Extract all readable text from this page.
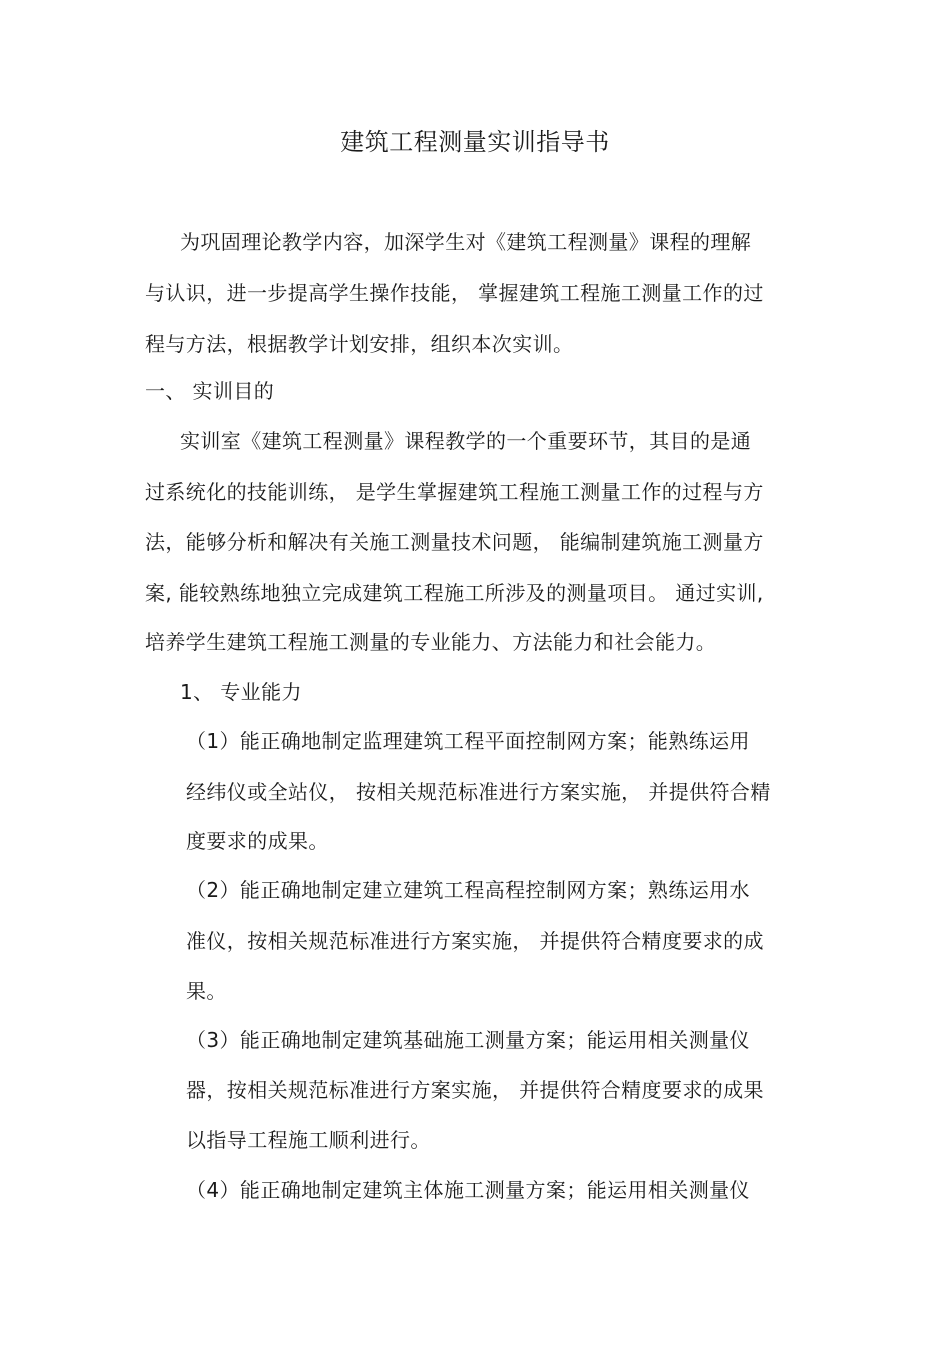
建筑工程测量实训指导书
为巩固理论教学内容，加深学生对《建筑工程测量》课程的理解
与认识，进一步提高学生操作技能， 掌握建筑工程施工测量工作的过
程与方法，根据教学计划安排，组织本次实训。
一、 实训目的
实训室《建筑工程测量》课程教学的一个重要环节，其目的是通
过系统化的技能训练， 是学生掌握建筑工程施工测量工作的过程与方
法，能够分析和解决有关施工测量技术问题， 能编制建筑施工测量方
案, 能较熟练地独立完成建筑工程施工所涉及的测量项目。 通过实训,
培养学生建筑工程施工测量的专业能力、方法能力和社会能力。
1、 专业能力
（1）能正确地制定监理建筑工程平面控制网方案；能熟练运用
经纬仪或全站仪， 按相关规范标准进行方案实施， 并提供符合精
度要求的成果。
（2）能正确地制定建立建筑工程高程控制网方案；熟练运用水
准仪，按相关规范标准进行方案实施， 并提供符合精度要求的成
果。
（3）能正确地制定建筑基础施工测量方案；能运用相关测量仪
器，按相关规范标准进行方案实施， 并提供符合精度要求的成果
以指导工程施工顺利进行。
（4）能正确地制定建筑主体施工测量方案；能运用相关测量仪
